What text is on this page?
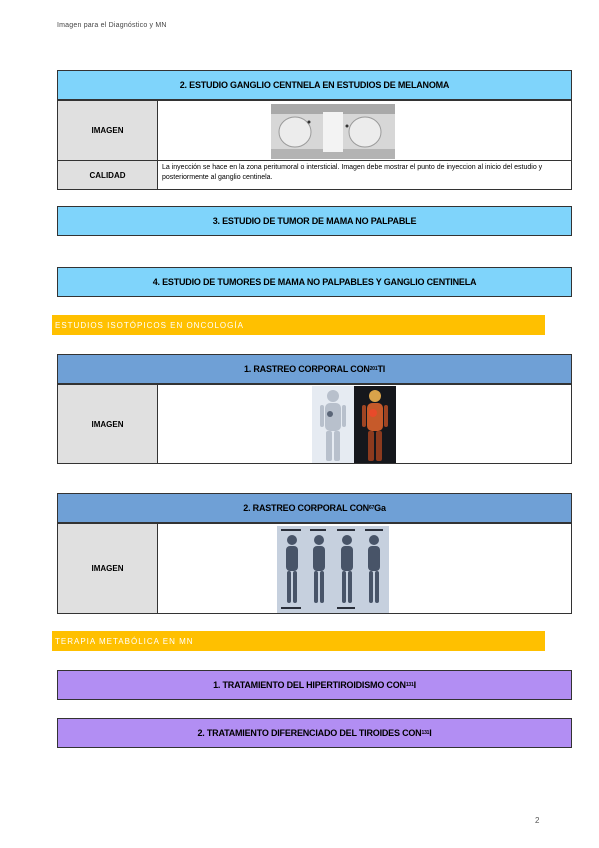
Imagen para el Diagnóstico y MN
2. ESTUDIO GANGLIO CENTNELA EN ESTUDIOS DE MELANOMA
IMAGEN
CALIDAD
La inyección se hace en la zona peritumoral o intersticial. Imagen debe mostrar el punto de inyeccion al inicio del estudio y posteriormente al ganglio centinela.
3. ESTUDIO DE TUMOR DE MAMA NO PALPABLE
4. ESTUDIO DE TUMORES DE MAMA NO PALPABLES Y GANGLIO CENTINELA
ESTUDIOS ISOTÓPICOS EN ONCOLOGÍA
1. RASTREO CORPORAL CON 201 Tl
IMAGEN
2. RASTREO CORPORAL CON 67 Ga
IMAGEN
TERAPIA METABÓLICA EN MN
1. TRATAMIENTO DEL HIPERTIROIDISMO CON 131 I
2. TRATAMIENTO DIFERENCIADO DEL TIROIDES CON 131 I
2
